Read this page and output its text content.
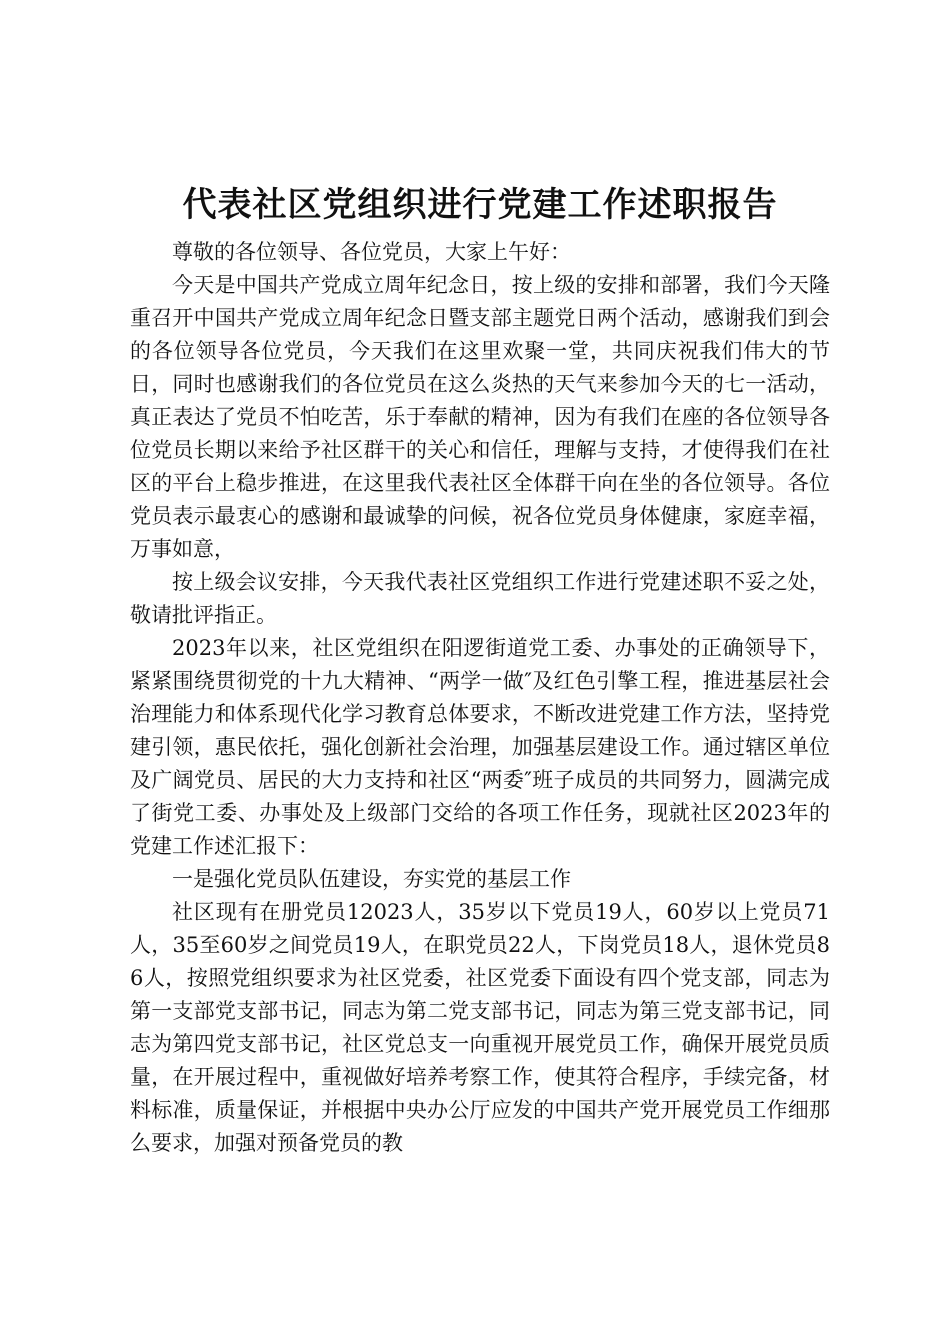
代表社区党组织进行党建工作述职报告

尊敬的各位领导、各位党员，大家上午好：

今天是中国共产党成立周年纪念日，按上级的安排和部署，我们今天隆重召开中国共产党成立周年纪念日暨支部主题党日两个活动，感谢我们到会的各位领导各位党员，今天我们在这里欢聚一堂，共同庆祝我们伟大的节日，同时也感谢我们的各位党员在这么炎热的天气来参加今天的七一活动，真正表达了党员不怕吃苦，乐于奉献的精神，因为有我们在座的各位领导各位党员长期以来给予社区群干的关心和信任，理解与支持，才使得我们在社区的平台上稳步推进，在这里我代表社区全体群干向在坐的各位领导。各位党员表示最衷心的感谢和最诚挚的问候，祝各位党员身体健康，家庭幸福，万事如意，

按上级会议安排，今天我代表社区党组织工作进行党建述职不妥之处，敬请批评指正。

2023年以来，社区党组织在阳逻街道党工委、办事处的正确领导下，紧紧围绕贯彻党的十九大精神、“两学一做″及红色引擎工程，推进基层社会治理能力和体系现代化学习教育总体要求，不断改进党建工作方法，坚持党建引领，惠民依托，强化创新社会治理，加强基层建设工作。通过辖区单位及广阔党员、居民的大力支持和社区“两委″班子成员的共同努力，圆满完成了街党工委、办事处及上级部门交给的各项工作任务，现就社区2023年的党建工作述汇报下：

一是强化党员队伍建设，夯实党的基层工作

社区现有在册党员12023人，35岁以下党员19人，60岁以上党员71人，35至60岁之间党员19人，在职党员22人，下岗党员18人，退休党员86人，按照党组织要求为社区党委，社区党委下面设有四个党支部，同志为第一支部党支部书记，同志为第二党支部书记，同志为第三党支部书记，同志为第四党支部书记，社区党总支一向重视开展党员工作，确保开展党员质量，在开展过程中，重视做好培养考察工作，使其符合程序，手续完备，材料标准，质量保证，并根据中央办公厅应发的中国共产党开展党员工作细那么要求，加强对预备党员的教
